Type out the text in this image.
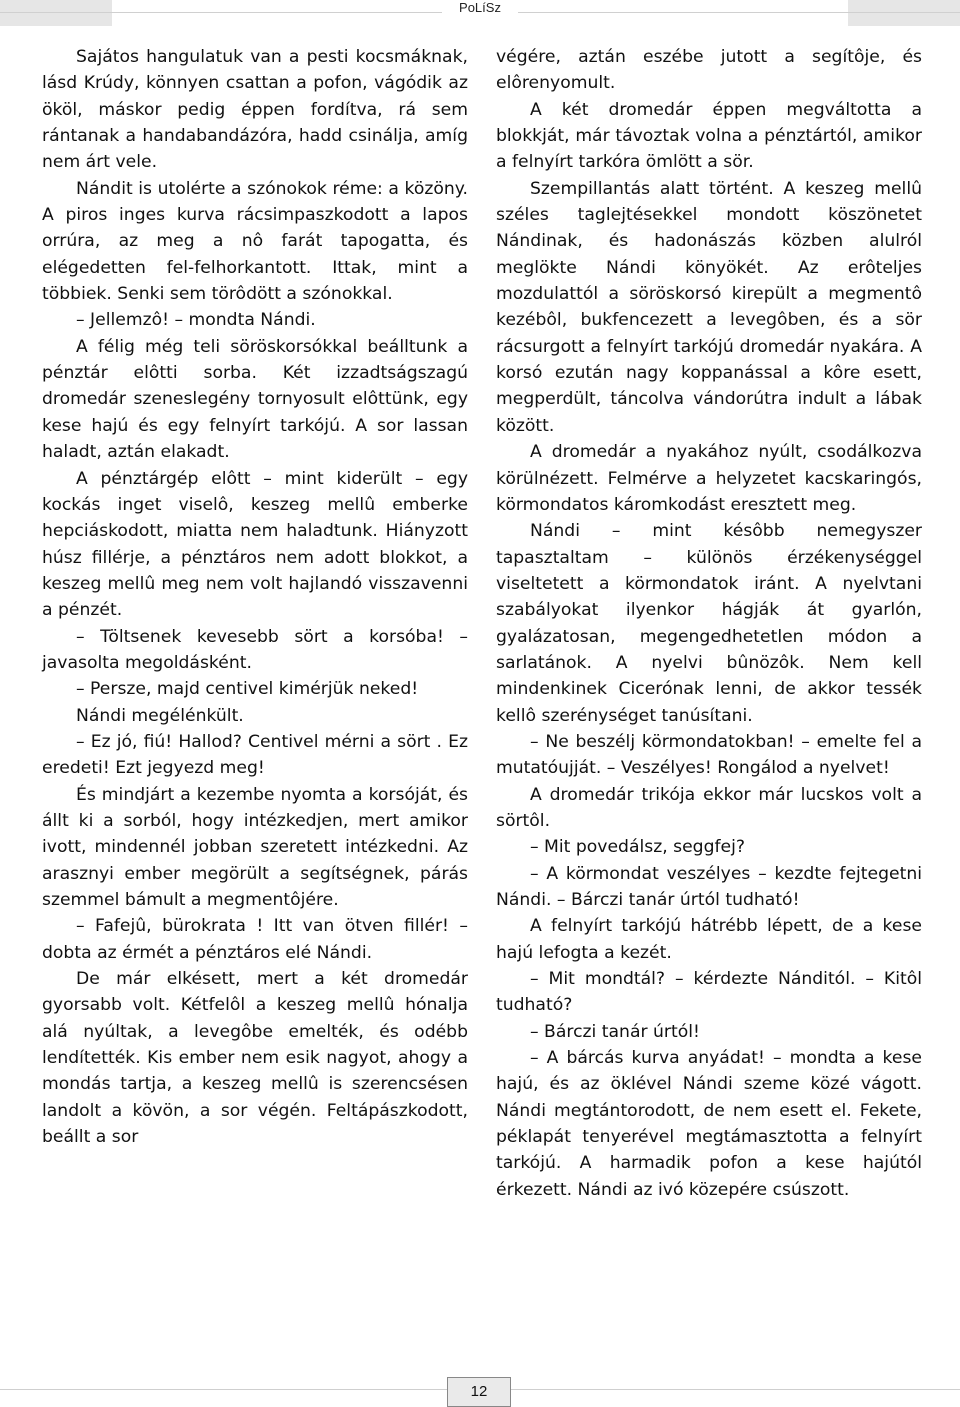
PoLíSz

Sajátos hangulatuk van a pesti kocsmáknak, lásd Krúdy, könnyen csattan a pofon, vágódik az ököl, máskor pedig éppen fordítva, rá sem rántanak a handabandázóra, hadd csinálja, amíg nem árt vele.

Nándit is utolérte a szónokok réme: a közöny. A piros inges kurva rácsimpaszkodott a lapos orrúra, az meg a nô farát tapogatta, és elégedetten fel-felhorkantott. Ittak, mint a többiek. Senki sem törôdött a szónokkal.

– Jellemzô! – mondta Nándi.

A félig még teli söröskorsókkal beálltunk a pénztár elôtti sorba. Két izzadtságszagú dromedár szeneslegény tornyosult elôttünk, egy kese hajú és egy felnyírt tarkójú. A sor lassan haladt, aztán elakadt.

A pénztárgép elôtt – mint kiderült – egy kockás inget viselô, keszeg mellû emberke hepciáskodott, miatta nem haladtunk. Hiányzott húsz fillérje, a pénztáros nem adott blokkot, a keszeg mellû meg nem volt hajlandó visszavenni a pénzét.

– Töltsenek kevesebb sört a korsóba! – javasolta megoldásként.

– Persze, majd centivel kimérjük neked!

Nándi megélénkült.

– Ez jó, fiú! Hallod? Centivel mérni a sört . Ez eredeti! Ezt jegyezd meg!

És mindjárt a kezembe nyomta a korsóját, és állt ki a sorból, hogy intézkedjen, mert amikor ivott, mindennél jobban szeretett intézkedni. Az arasznyi ember megörült a segítségnek, párás szemmel bámult a megmentôjére.

– Fafejû, bürokrata ! Itt van ötven fillér! – dobta az érmét a pénztáros elé Nándi.

De már elkésett, mert a két dromedár gyorsabb volt. Kétfelôl a keszeg mellû hónalja alá nyúltak, a levegôbe emelték, és odébb lendítették. Kis ember nem esik nagyot, ahogy a mondás tartja, a keszeg mellû is szerencsésen landolt a kövön, a sor végén. Feltápászkodott, beállt a sor

végére, aztán eszébe jutott a segítôje, és elôrenyomult.

A két dromedár éppen megváltotta a blokkját, már távoztak volna a pénztártól, amikor a felnyírt tarkóra ömlött a sör.

Szempillantás alatt történt. A keszeg mellû széles taglejtésekkel mondott köszönetet Nándinak, és hadonászás közben alulról meglökte Nándi könyökét. Az erôteljes mozdulattól a söröskorsó kirepült a megmentô kezébôl, bukfencezett a levegôben, és a sör rácsurgott a felnyírt tarkójú dromedár nyakára. A korsó ezután nagy koppanással a kôre esett, megperdült, táncolva vándorútra indult a lábak között.

A dromedár a nyakához nyúlt, csodálkozva körülnézett. Felmérve a helyzetet kacskaringós, körmondatos káromkodást eresztett meg.

Nándi – mint késôbb nemegyszer tapasztaltam – különös érzékenységgel viseltetett a körmondatok iránt. A nyelvtani szabályokat ilyenkor hágják át gyarlón, gyalázatosan, megengedhetetlen módon a sarlatánok. A nyelvi bûnözôk. Nem kell mindenkinek Cicerónak lenni, de akkor tessék kellô szerénységet tanúsítani.

– Ne beszélj körmondatokban! – emelte fel a mutatóujját. – Veszélyes! Rongálod a nyelvet!

A dromedár trikója ekkor már lucskos volt a sörtôl.

– Mit povedálsz, seggfej?

– A körmondat veszélyes – kezdte fejtegetni Nándi. – Bárczi tanár úrtól tudható!

A felnyírt tarkójú hátrébb lépett, de a kese hajú lefogta a kezét.

– Mit mondtál? – kérdezte Nánditól. – Kitôl tudható?

– Bárczi tanár úrtól!

– A bárcás kurva anyádat! – mondta a kese hajú, és az öklével Nándi szeme közé vágott. Nándi megtántorodott, de nem esett el. Fekete, péklapát tenyerével megtámasztotta a felnyírt tarkójú. A harmadik pofon a kese hajútól érkezett. Nándi az ivó közepére csúszott.

12
